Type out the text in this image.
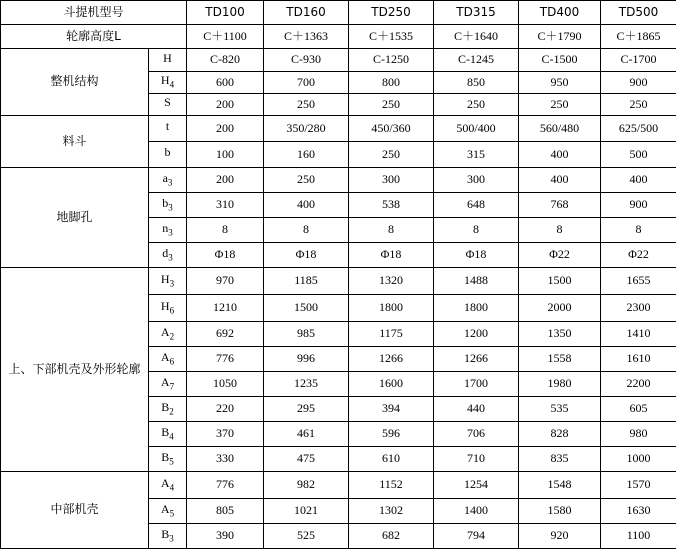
斗提机型号		TD100	TD160	TD250	TD315	TD400	TD500
轮廓高度L		C＋1100	C＋1363	C＋1535	C＋1640	C＋1790	C＋1865
整机结构	H	C-820	C-930	C-1250	C-1245	C-1500	C-1700
	$H_4$	600	700	800	850	950	900
	S	200	250	250	250	250	250
料斗	t	200	350/280	450/360	500/400	560/480	625/500
	b	100	160	250	315	400	500
地脚孔	$a_3$	200	250	300	300	400	400
	$b_3$	310	400	538	648	768	900
	$n_3$	8	8	8	8	8	8
	$d_3$	Φ18	Φ18	Φ18	Φ18	Φ22	Φ22
上、下部机壳及外形轮廓	$H_3$	970	1185	1320	1488	1500	1655
	$H_6$	1210	1500	1800	1800	2000	2300
	$A_2$	692	985	1175	1200	1350	1410
	$A_6$	776	996	1266	1266	1558	1610
	$A_7$	1050	1235	1600	1700	1980	2200
	$B_2$	220	295	394	440	535	605
	$B_4$	370	461	596	706	828	980
	$B_5$	330	475	610	710	835	1000
中部机壳	$A_4$	776	982	1152	1254	1548	1570
	$A_5$	805	1021	1302	1400	1580	1630
	$B_3$	390	525	682	794	920	1100
